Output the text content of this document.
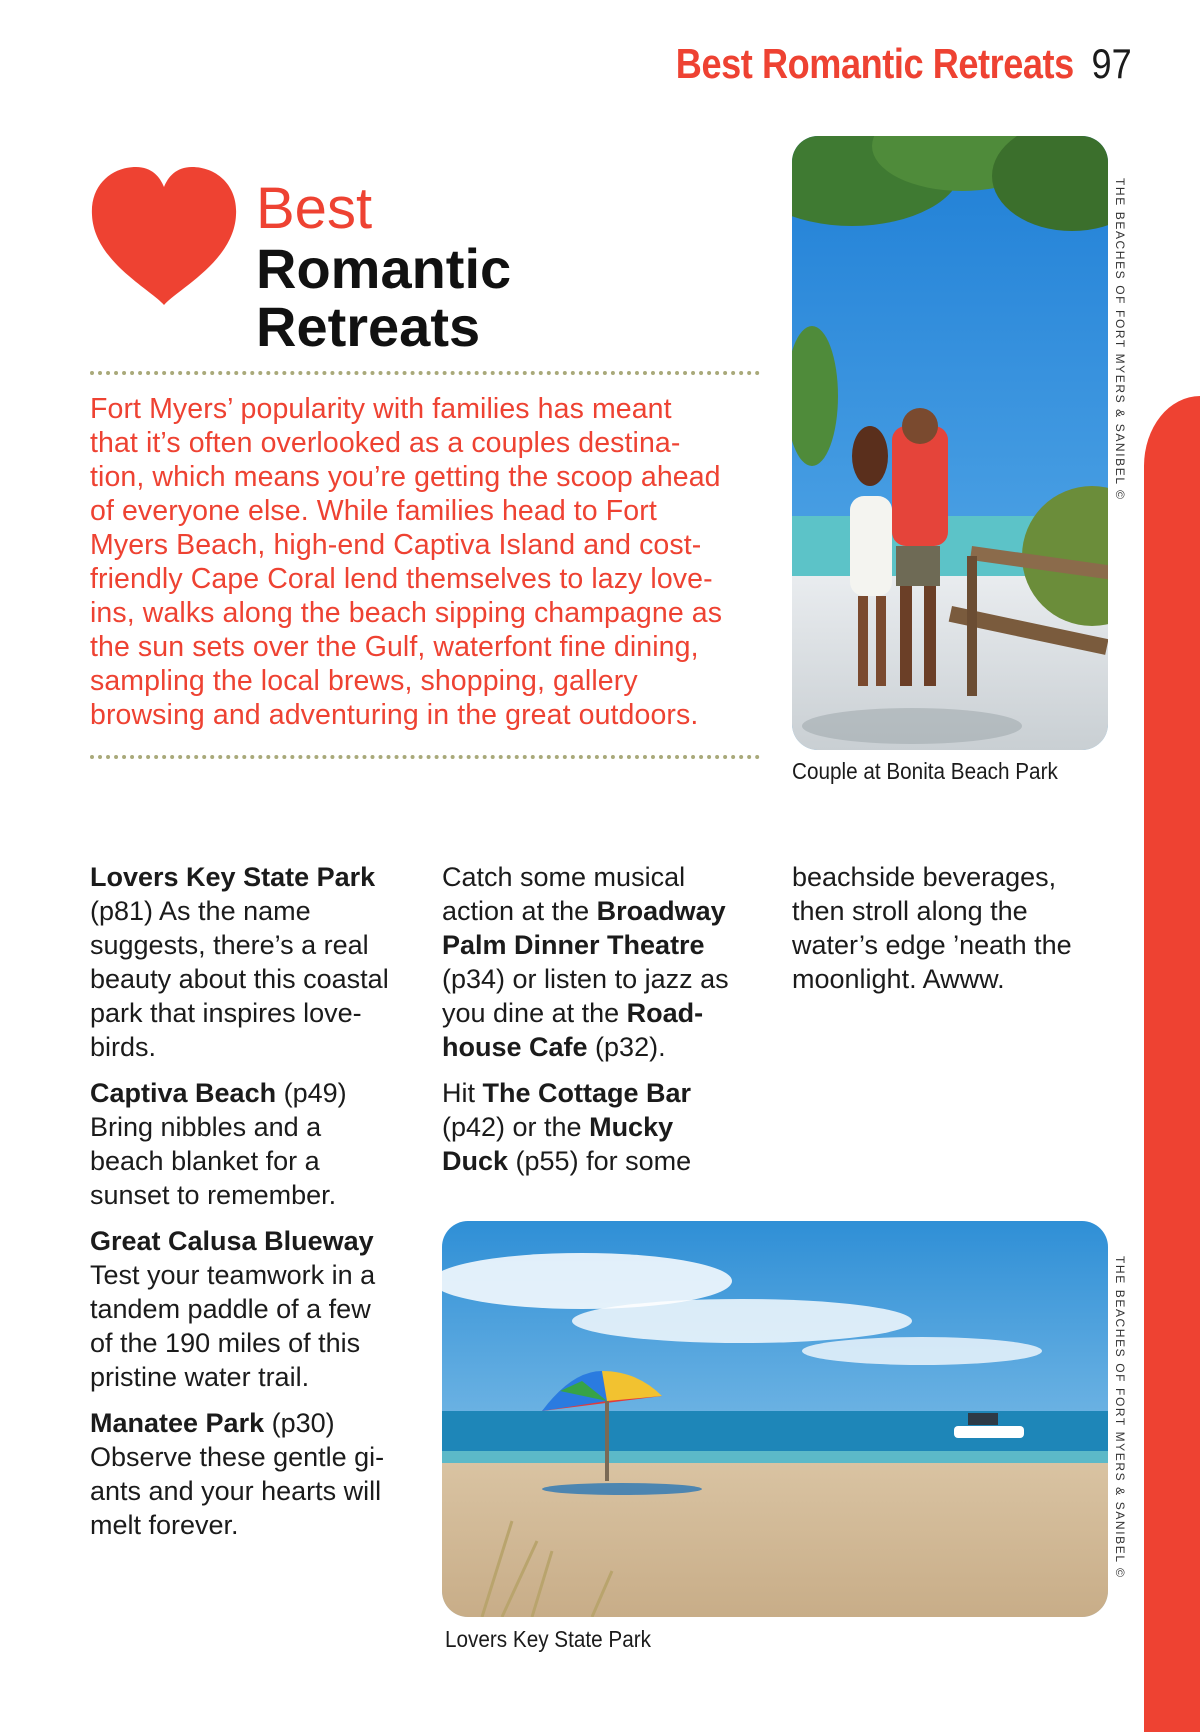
Best Romantic Retreats 97
Best
Romantic
Retreats
Fort Myers’ popularity with families has meant
that it’s often overlooked as a couples destina-
tion, which means you’re getting the scoop ahead
of everyone else. While families head to Fort
Myers Beach, high-end Captiva Island and cost-
friendly Cape Coral lend themselves to lazy love-
ins, walks along the beach sipping champagne as
the sun sets over the Gulf, waterfont fine dining,
sampling the local brews, shopping, gallery
browsing and adventuring in the great outdoors.
Couple at Bonita Beach Park
THE BEACHES OF FORT MYERS & SANIBEL ©

Lovers Key State Park
(p81) As the name
suggests, there’s a real
beauty about this coastal
park that inspires love-
birds.

Captiva Beach (p49)
Bring nibbles and a
beach blanket for a
sunset to remember.

Great Calusa Blueway
Test your teamwork in a
tandem paddle of a few
of the 190 miles of this
pristine water trail.

Manatee Park (p30)
Observe these gentle gi-
ants and your hearts will
melt forever.

Catch some musical
action at the Broadway
Palm Dinner Theatre
(p34) or listen to jazz as
you dine at the Road-
house Cafe (p32).

Hit The Cottage Bar
(p42) or the Mucky
Duck (p55) for some

beachside beverages,
then stroll along the
water’s edge ’neath the
moonlight. Awww.

Lovers Key State Park
THE BEACHES OF FORT MYERS & SANIBEL ©
